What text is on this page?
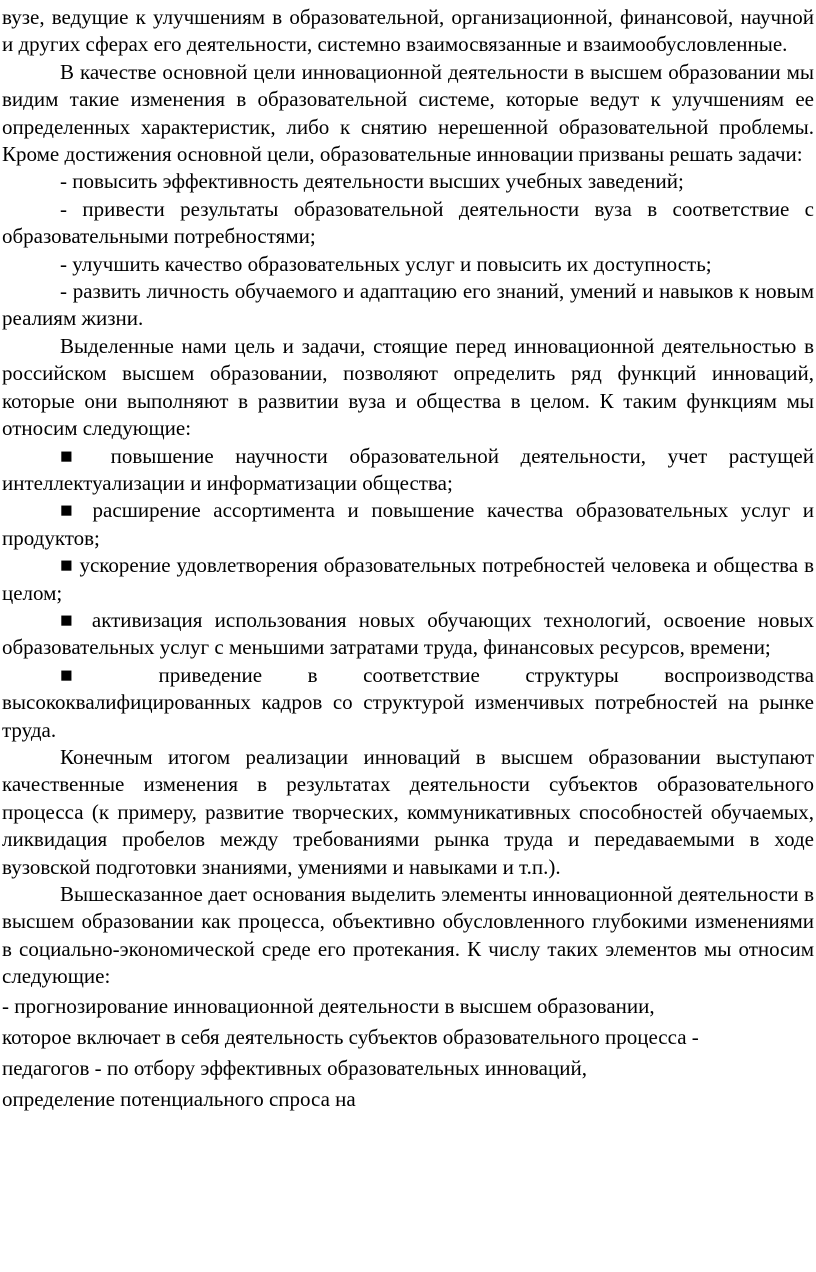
вузе, ведущие к улучшениям в образовательной, организационной, финансовой, научной и других сферах его деятельности, системно взаимосвязанные и взаимообусловленные.

В качестве основной цели инновационной деятельности в высшем образовании мы видим такие изменения в образовательной системе, которые ведут к улучшениям ее определенных характеристик, либо к снятию нерешенной образовательной проблемы. Кроме достижения основной цели, образовательные инновации призваны решать задачи:

- повысить эффективность деятельности высших учебных заведений;

- привести результаты образовательной деятельности вуза в соответствие с образовательными потребностями;

- улучшить качество образовательных услуг и повысить их доступность;

- развить личность обучаемого и адаптацию его знаний, умений и навыков к новым реалиям жизни.

Выделенные нами цель и задачи, стоящие перед инновационной деятельностью в российском высшем образовании, позволяют определить ряд функций инноваций, которые они выполняют в развитии вуза и общества в целом. К таким функциям мы относим следующие:

■ повышение научности образовательной деятельности, учет растущей интеллектуализации и информатизации общества;

■ расширение ассортимента и повышение качества образовательных услуг и продуктов;

■ ускорение удовлетворения образовательных потребностей человека и общества в целом;

■ активизация использования новых обучающих технологий, освоение новых образовательных услуг с меньшими затратами труда, финансовых ресурсов, времени;

■ приведение в соответствие структуры воспроизводства высококвалифицированных кадров со структурой изменчивых потребностей на рынке труда.

Конечным итогом реализации инноваций в высшем образовании выступают качественные изменения в результатах деятельности субъектов образовательного процесса (к примеру, развитие творческих, коммуникативных способностей обучаемых, ликвидация пробелов между требованиями рынка труда и передаваемыми в ходе вузовской подготовки знаниями, умениями и навыками и т.п.).

Вышесказанное дает основания выделить элементы инновационной деятельности в высшем образовании как процесса, объективно обусловленного глубокими изменениями в социально-экономической среде его протекания. К числу таких элементов мы относим следующие:

- прогнозирование инновационной деятельности в высшем образовании,

которое включает в себя деятельность субъектов образовательного процесса -

педагогов - по отбору эффективных образовательных инноваций,

определение потенциального спроса на
